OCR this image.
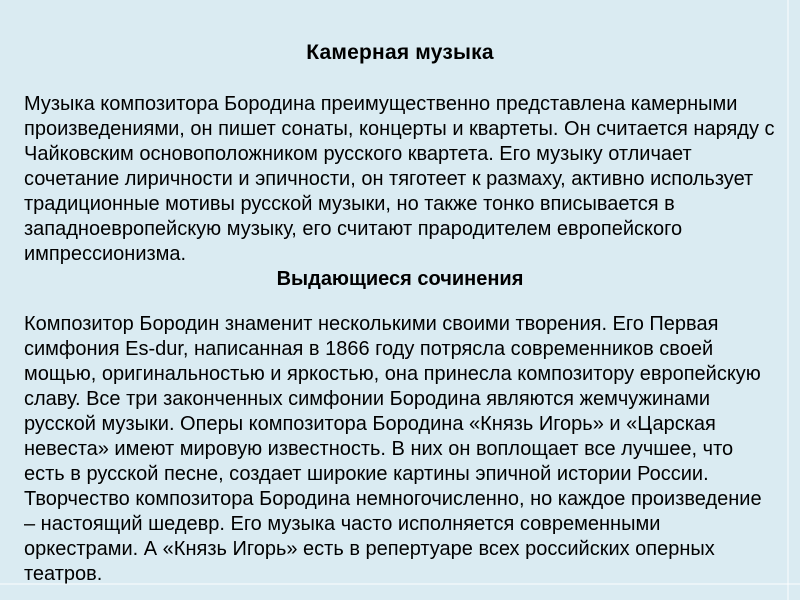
Камерная музыка
Музыка композитора Бородина преимущественно представлена камерными
произведениями, он пишет сонаты, концерты и квартеты. Он считается наряду с
Чайковским основоположником русского квартета. Его музыку отличает
сочетание лиричности и эпичности, он тяготеет к размаху, активно использует
традиционные мотивы русской музыки, но также тонко вписывается в
западноевропейскую музыку, его считают прародителем европейского
импрессионизма.
Выдающиеся сочинения
Композитор Бородин знаменит несколькими своими творения. Его Первая
симфония Es-dur, написанная в 1866 году потрясла современников своей
мощью, оригинальностью и яркостью, она принесла композитору европейскую
славу. Все три законченных симфонии Бородина являются жемчужинами
русской музыки. Оперы композитора Бородина «Князь Игорь» и «Царская
невеста» имеют мировую известность. В них он воплощает все лучшее, что
есть в русской песне, создает широкие картины эпичной истории России.
Творчество композитора Бородина немногочисленно, но каждое произведение
– настоящий шедевр. Его музыка часто исполняется современными
оркестрами. А «Князь Игорь» есть в репертуаре всех российских оперных
театров.
